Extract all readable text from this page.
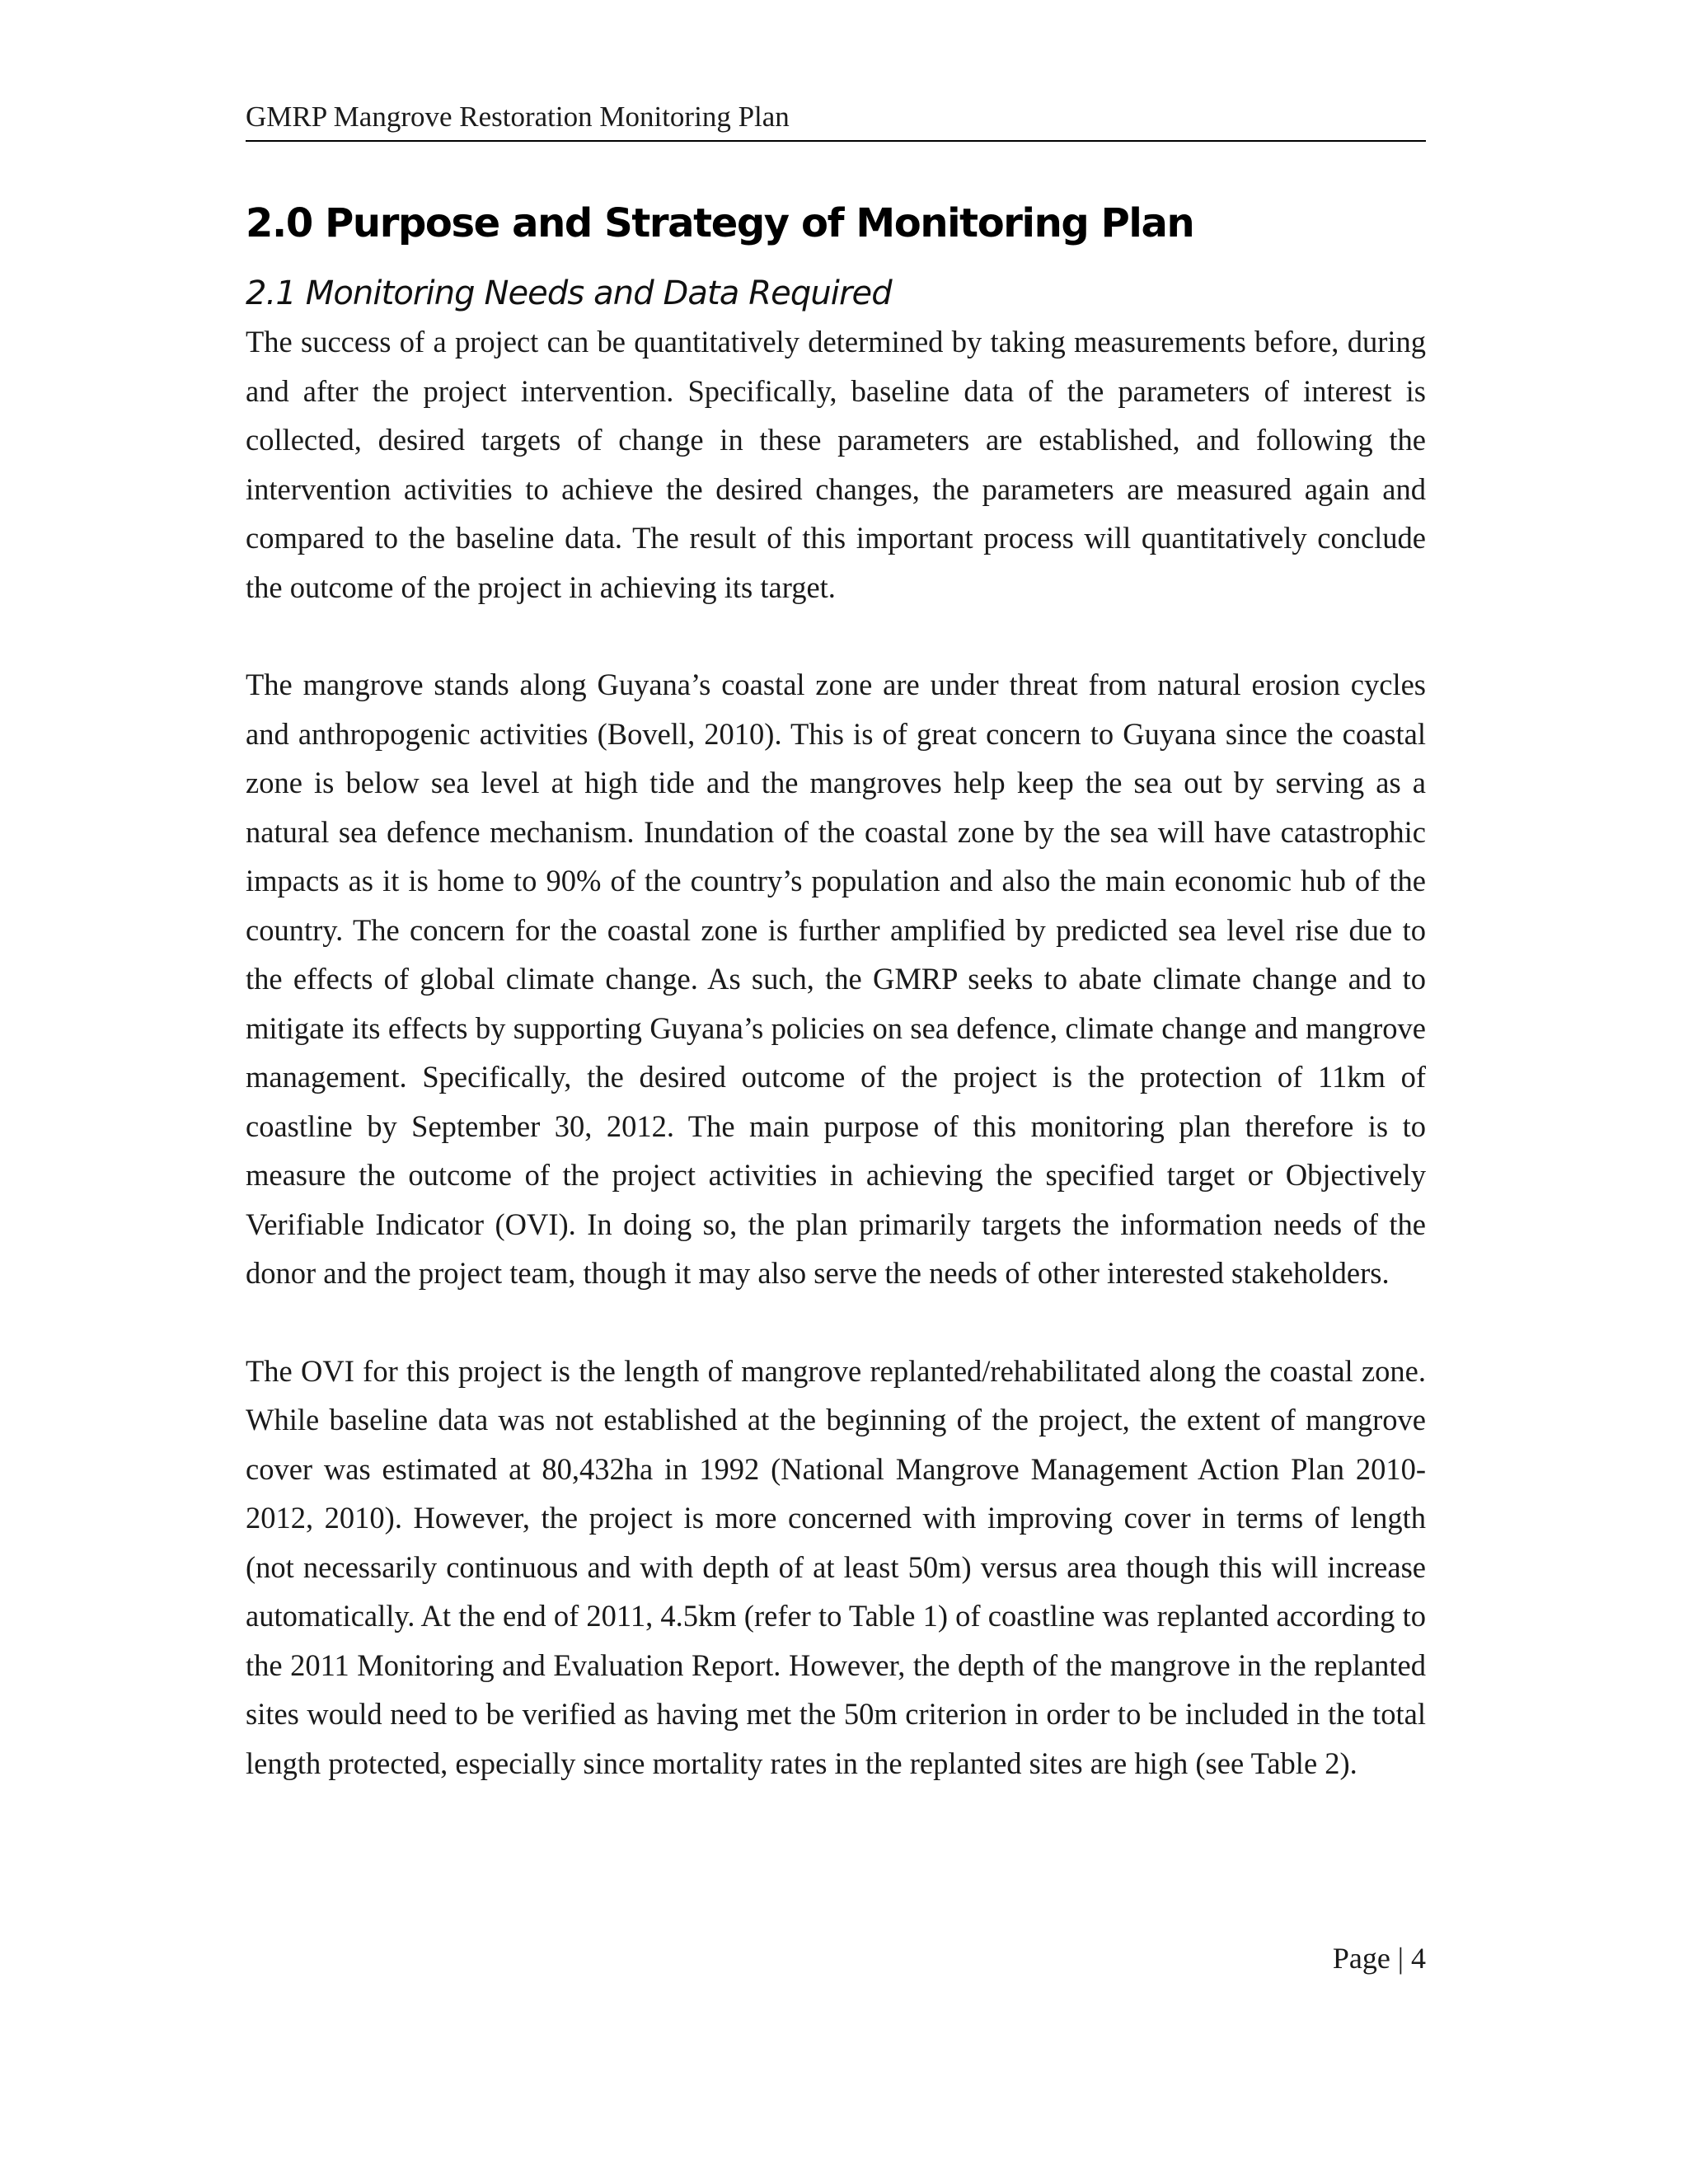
GMRP Mangrove Restoration Monitoring Plan
2.0 Purpose and Strategy of Monitoring Plan
2.1 Monitoring Needs and Data Required

The success of a project can be quantitatively determined by taking measurements before, during and after the project intervention. Specifically, baseline data of the parameters of interest is collected, desired targets of change in these parameters are established, and following the intervention activities to achieve the desired changes, the parameters are measured again and compared to the baseline data. The result of this important process will quantitatively conclude the outcome of the project in achieving its target.

The mangrove stands along Guyana’s coastal zone are under threat from natural erosion cycles and anthropogenic activities (Bovell, 2010). This is of great concern to Guyana since the coastal zone is below sea level at high tide and the mangroves help keep the sea out by serving as a natural sea defence mechanism. Inundation of the coastal zone by the sea will have catastrophic impacts as it is home to 90% of the country’s population and also the main economic hub of the country. The concern for the coastal zone is further amplified by predicted sea level rise due to the effects of global climate change. As such, the GMRP seeks to abate climate change and to mitigate its effects by supporting Guyana’s policies on sea defence, climate change and mangrove management. Specifically, the desired outcome of the project is the protection of 11km of coastline by September 30, 2012. The main purpose of this monitoring plan therefore is to measure the outcome of the project activities in achieving the specified target or Objectively Verifiable Indicator (OVI). In doing so, the plan primarily targets the information needs of the donor and the project team, though it may also serve the needs of other interested stakeholders.

The OVI for this project is the length of mangrove replanted/rehabilitated along the coastal zone. While baseline data was not established at the beginning of the project, the extent of mangrove cover was estimated at 80,432ha in 1992 (National Mangrove Management Action Plan 2010-2012, 2010). However, the project is more concerned with improving cover in terms of length (not necessarily continuous and with depth of at least 50m) versus area though this will increase automatically. At the end of 2011, 4.5km (refer to Table 1) of coastline was replanted according to the 2011 Monitoring and Evaluation Report. However, the depth of the mangrove in the replanted sites would need to be verified as having met the 50m criterion in order to be included in the total length protected, especially since mortality rates in the replanted sites are high (see Table 2).

Page | 4
